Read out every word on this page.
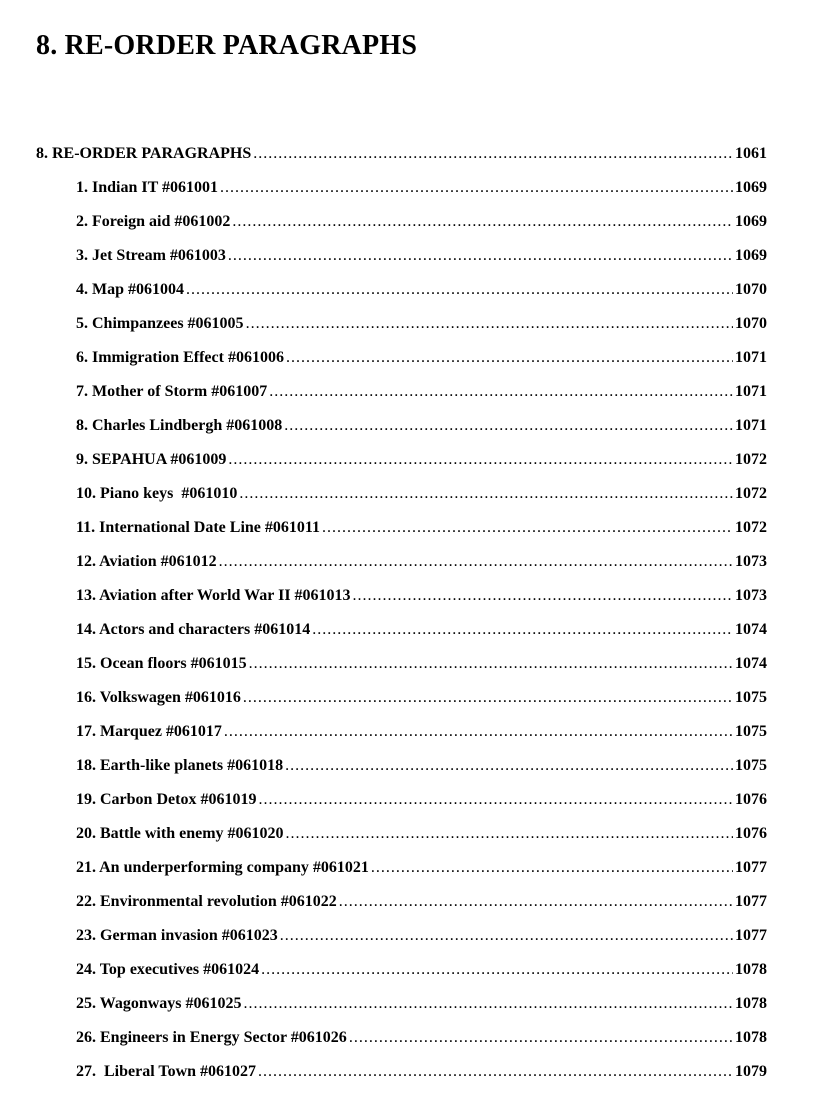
8. RE-ORDER PARAGRAPHS
8. RE-ORDER PARAGRAPHS .....	1061
1. Indian IT #061001 .....	1069
2. Foreign aid #061002 .....	1069
3. Jet Stream #061003 .....	1069
4. Map #061004 .....	1070
5. Chimpanzees #061005 .....	1070
6. Immigration Effect #061006 .....	1071
7. Mother of Storm #061007 .....	1071
8. Charles Lindbergh #061008 .....	1071
9. SEPAHUA #061009 .....	1072
10. Piano keys  #061010 .....	1072
11. International Date Line #061011 .....	1072
12. Aviation #061012 .....	1073
13. Aviation after World War II #061013 .....	1073
14. Actors and characters #061014 .....	1074
15. Ocean floors #061015 .....	1074
16. Volkswagen #061016 .....	1075
17. Marquez #061017 .....	1075
18. Earth-like planets #061018 .....	1075
19. Carbon Detox #061019 .....	1076
20. Battle with enemy #061020 .....	1076
21. An underperforming company #061021 .....	1077
22. Environmental revolution #061022 .....	1077
23. German invasion #061023 .....	1077
24. Top executives #061024 .....	1078
25. Wagonways #061025 .....	1078
26. Engineers in Energy Sector #061026 .....	1078
27.  Liberal Town #061027 .....	1079
